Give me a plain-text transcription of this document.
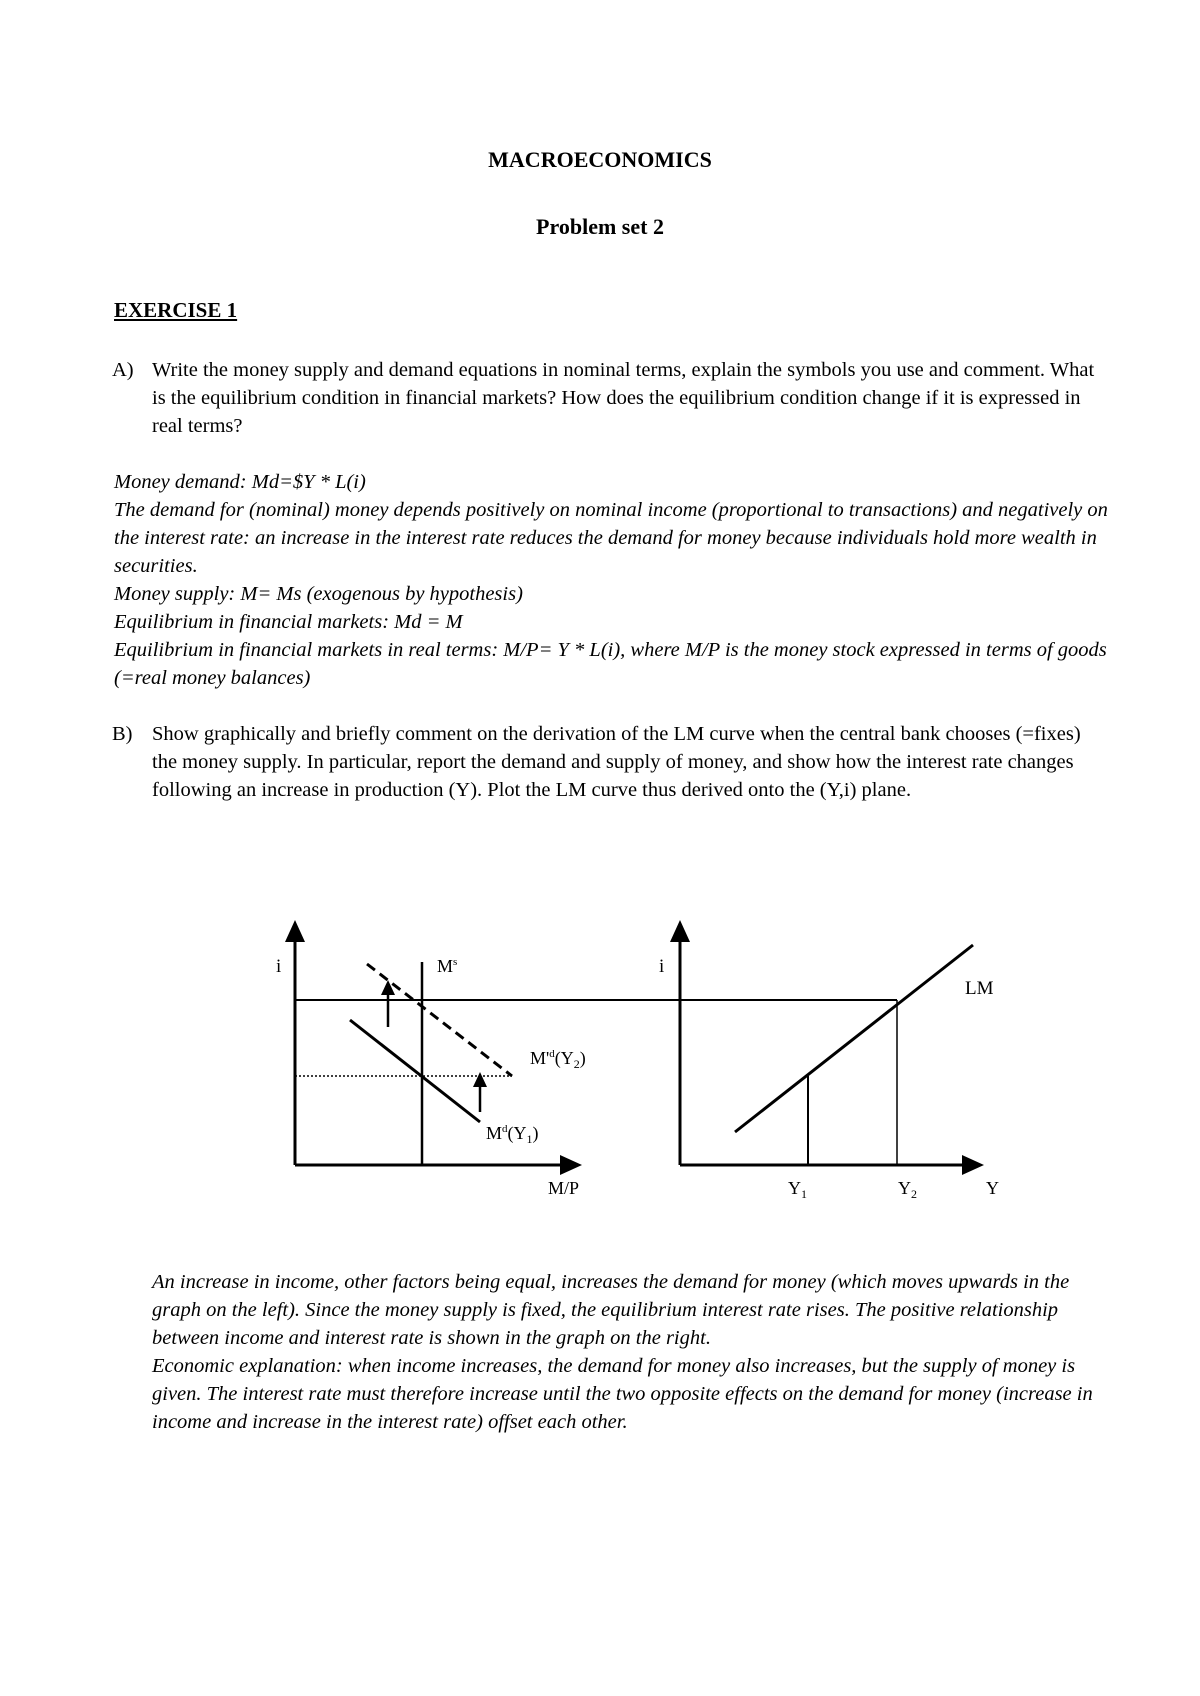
MACROECONOMICS
Problem set 2
EXERCISE 1
A) Write the money supply and demand equations in nominal terms, explain the symbols you use and comment. What is the equilibrium condition in financial markets? How does the equilibrium condition change if it is expressed in real terms?

Money demand: Md=$Y * L(i)

The demand for (nominal) money depends positively on nominal income (proportional to transactions) and negatively on the interest rate: an increase in the interest rate reduces the demand for money because individuals hold more wealth in securities.

Money supply: M= Ms (exogenous by hypothesis)

Equilibrium in financial markets: Md = M

Equilibrium in financial markets in real terms: M/P= Y * L(i), where M/P is the money stock expressed in terms of goods (=real money balances)

B) Show graphically and briefly comment on the derivation of the LM curve when the central bank chooses (=fixes) the money supply. In particular, report the demand and supply of money, and show how the interest rate changes following an increase in production (Y). Plot the LM curve thus derived onto the (Y,i) plane.
i
M/P
$M^s$
$M'^d(Y_2)$
$M^d(Y_1)$
i
Y
LM
$Y_1$	$Y_2$

An increase in income, other factors being equal, increases the demand for money (which moves upwards in the graph on the left). Since the money supply is fixed, the equilibrium interest rate rises. The positive relationship between income and interest rate is shown in the graph on the right.

Economic explanation: when income increases, the demand for money also increases, but the supply of money is given. The interest rate must therefore increase until the two opposite effects on the demand for money (increase in income and increase in the interest rate) offset each other.
